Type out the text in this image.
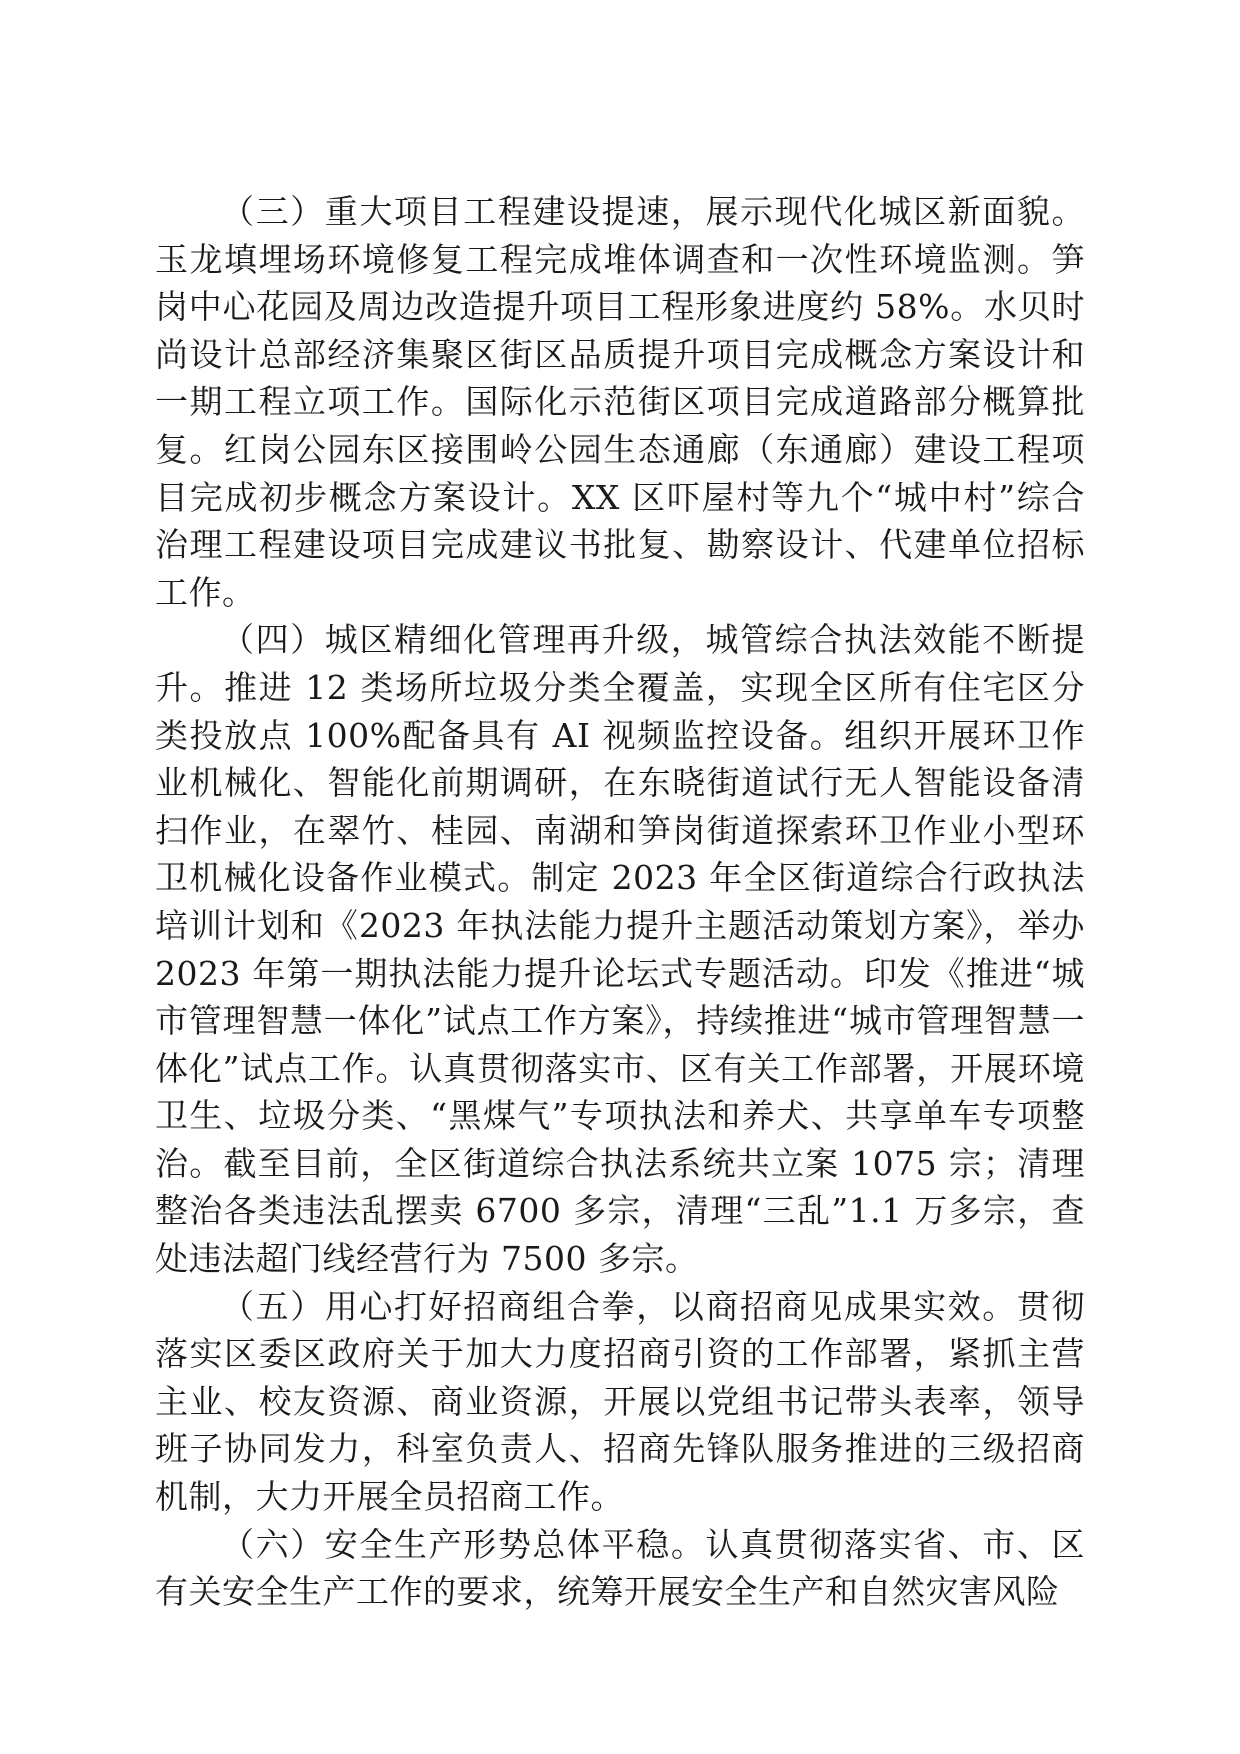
（三）重大项目工程建设提速，展示现代化城区新面貌。玉龙填埋场环境修复工程完成堆体调查和一次性环境监测。笋岗中心花园及周边改造提升项目工程形象进度约 58%。水贝时尚设计总部经济集聚区街区品质提升项目完成概念方案设计和一期工程立项工作。国际化示范街区项目完成道路部分概算批复。红岗公园东区接围岭公园生态通廊（东通廊）建设工程项目完成初步概念方案设计。XX 区吓屋村等九个“城中村”综合治理工程建设项目完成建议书批复、勘察设计、代建单位招标工作。

（四）城区精细化管理再升级，城管综合执法效能不断提升。推进 12 类场所垃圾分类全覆盖，实现全区所有住宅区分类投放点 100%配备具有 AI 视频监控设备。组织开展环卫作业机械化、智能化前期调研，在东晓街道试行无人智能设备清扫作业，在翠竹、桂园、南湖和笋岗街道探索环卫作业小型环卫机械化设备作业模式。制定 2023 年全区街道综合行政执法培训计划和《2023 年执法能力提升主题活动策划方案》，举办 2023 年第一期执法能力提升论坛式专题活动。印发《推进“城市管理智慧一体化”试点工作方案》，持续推进“城市管理智慧一体化”试点工作。认真贯彻落实市、区有关工作部署，开展环境卫生、垃圾分类、“黑煤气”专项执法和养犬、共享单车专项整治。截至目前，全区街道综合执法系统共立案 1075 宗；清理整治各类违法乱摆卖 6700 多宗，清理“三乱”1.1 万多宗，查处违法超门线经营行为 7500 多宗。

（五）用心打好招商组合拳，以商招商见成果实效。贯彻落实区委区政府关于加大力度招商引资的工作部署，紧抓主营主业、校友资源、商业资源，开展以党组书记带头表率，领导班子协同发力，科室负责人、招商先锋队服务推进的三级招商机制，大力开展全员招商工作。

（六）安全生产形势总体平稳。认真贯彻落实省、市、区有关安全生产工作的要求，统筹开展安全生产和自然灾害风险
